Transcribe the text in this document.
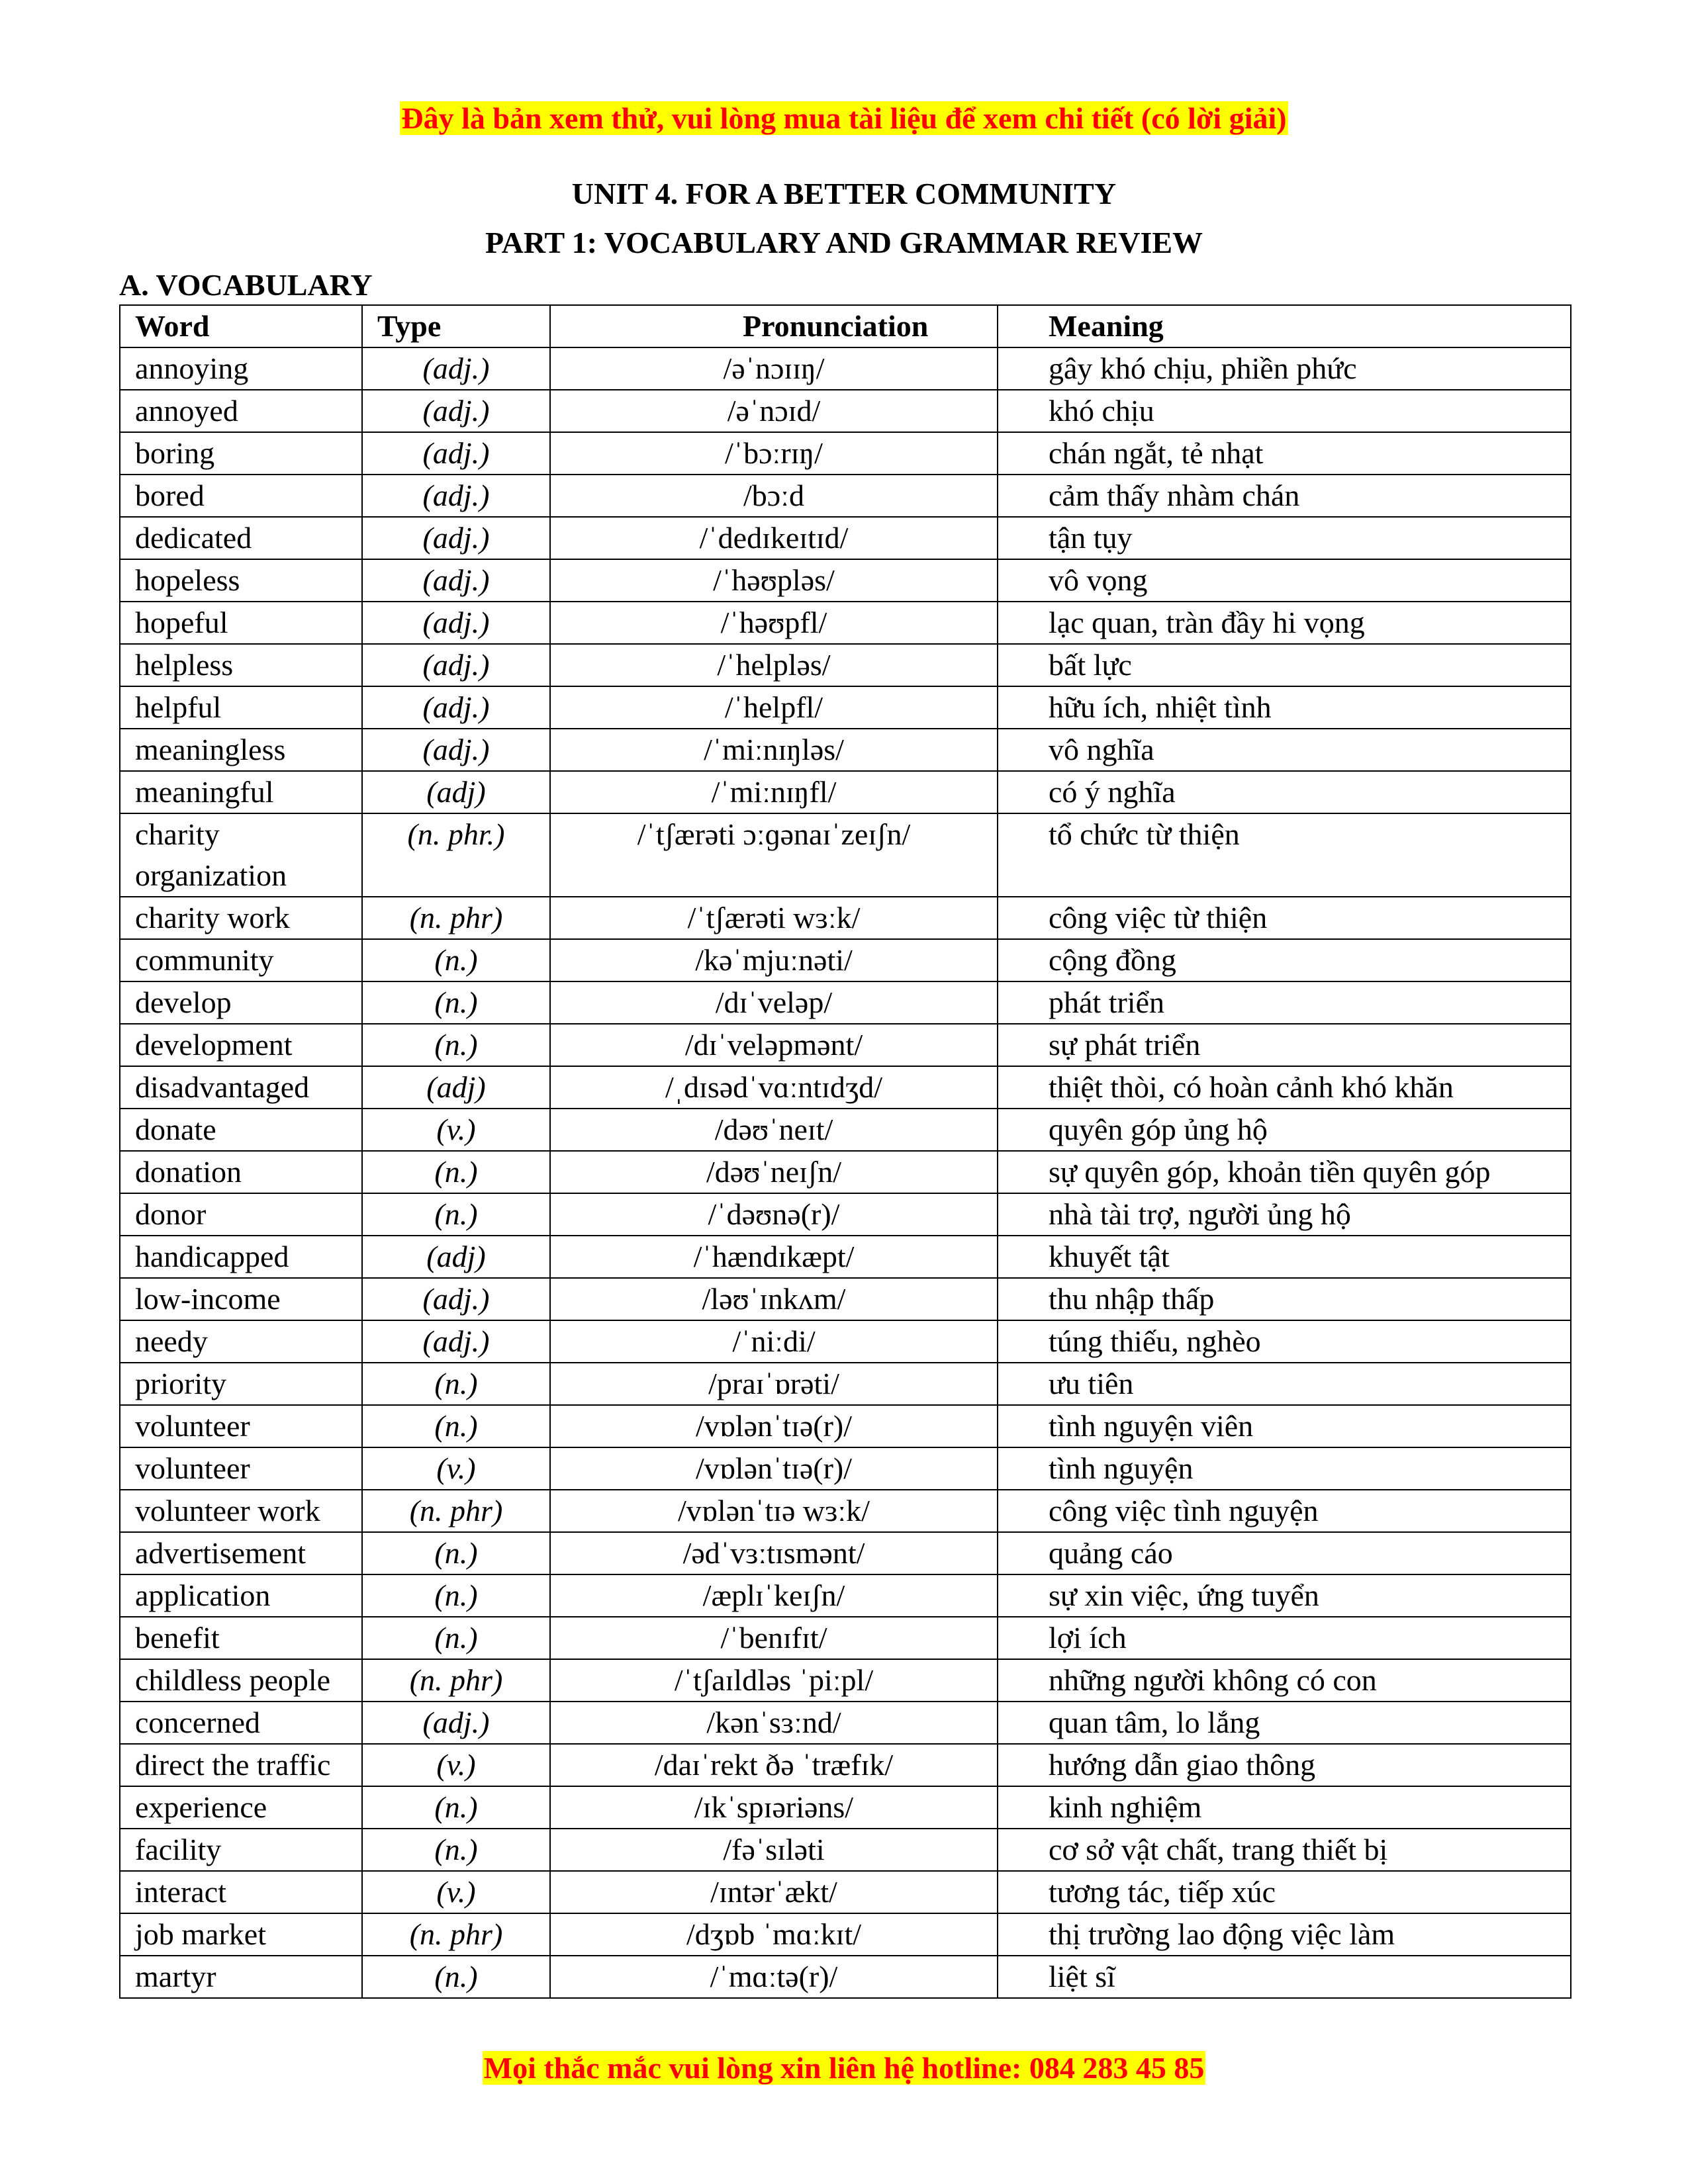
Đây là bản xem thử, vui lòng mua tài liệu để xem chi tiết (có lời giải)
UNIT 4. FOR A BETTER COMMUNITY
PART 1: VOCABULARY AND GRAMMAR REVIEW
A. VOCABULARY
Word	Type	Pronunciation	Meaning
annoying	(adj.)	/əˈnɔɪɪŋ/	gây khó chịu, phiền phức
annoyed	(adj.)	/əˈnɔɪd/	khó chịu
boring	(adj.)	/ˈbɔːrɪŋ/	chán ngắt, tẻ nhạt
bored	(adj.)	/bɔːd	cảm thấy nhàm chán
dedicated	(adj.)	/ˈdedɪkeɪtɪd/	tận tụy
hopeless	(adj.)	/ˈhəʊpləs/	vô vọng
hopeful	(adj.)	/ˈhəʊpfl/	lạc quan, tràn đầy hi vọng
helpless	(adj.)	/ˈhelpləs/	bất lực
helpful	(adj.)	/ˈhelpfl/	hữu ích, nhiệt tình
meaningless	(adj.)	/ˈmiːnɪŋləs/	vô nghĩa
meaningful	(adj)	/ˈmiːnɪŋfl/	có ý nghĩa
charity organization	(n. phr.)	/ˈtʃærəti ɔːɡənaɪˈzeɪʃn/	tổ chức từ thiện
charity work	(n. phr)	/ˈtʃærəti wɜːk/	công việc từ thiện
community	(n.)	/kəˈmjuːnəti/	cộng đồng
develop	(n.)	/dɪˈveləp/	phát triển
development	(n.)	/dɪˈveləpmənt/	sự phát triển
disadvantaged	(adj)	/ˌdɪsədˈvɑːntɪdʒd/	thiệt thòi, có hoàn cảnh khó khăn
donate	(v.)	/dəʊˈneɪt/	quyên góp ủng hộ
donation	(n.)	/dəʊˈneɪʃn/	sự quyên góp, khoản tiền quyên góp
donor	(n.)	/ˈdəʊnə(r)/	nhà tài trợ, người ủng hộ
handicapped	(adj)	/ˈhændɪkæpt/	khuyết tật
low-income	(adj.)	/ləʊˈɪnkʌm/	thu nhập thấp
needy	(adj.)	/ˈniːdi/	túng thiếu, nghèo
priority	(n.)	/praɪˈɒrəti/	ưu tiên
volunteer	(n.)	/vɒlənˈtɪə(r)/	tình nguyện viên
volunteer	(v.)	/vɒlənˈtɪə(r)/	tình nguyện
volunteer work	(n. phr)	/vɒlənˈtɪə wɜːk/	công việc tình nguyện
advertisement	(n.)	/ədˈvɜːtɪsmənt/	quảng cáo
application	(n.)	/æplɪˈkeɪʃn/	sự xin việc, ứng tuyển
benefit	(n.)	/ˈbenɪfɪt/	lợi ích
childless people	(n. phr)	/ˈtʃaɪldləs ˈpiːpl/	những người không có con
concerned	(adj.)	/kənˈsɜːnd/	quan tâm, lo lắng
direct the traffic	(v.)	/daɪˈrekt ðə ˈtræfɪk/	hướng dẫn giao thông
experience	(n.)	/ɪkˈspɪəriəns/	kinh nghiệm
facility	(n.)	/fəˈsɪləti	cơ sở vật chất, trang thiết bị
interact	(v.)	/ɪntərˈækt/	tương tác, tiếp xúc
job market	(n. phr)	/dʒɒb ˈmɑːkɪt/	thị trường lao động việc làm
martyr	(n.)	/ˈmɑːtə(r)/	liệt sĩ
Mọi thắc mắc vui lòng xin liên hệ hotline: 084 283 45 85
